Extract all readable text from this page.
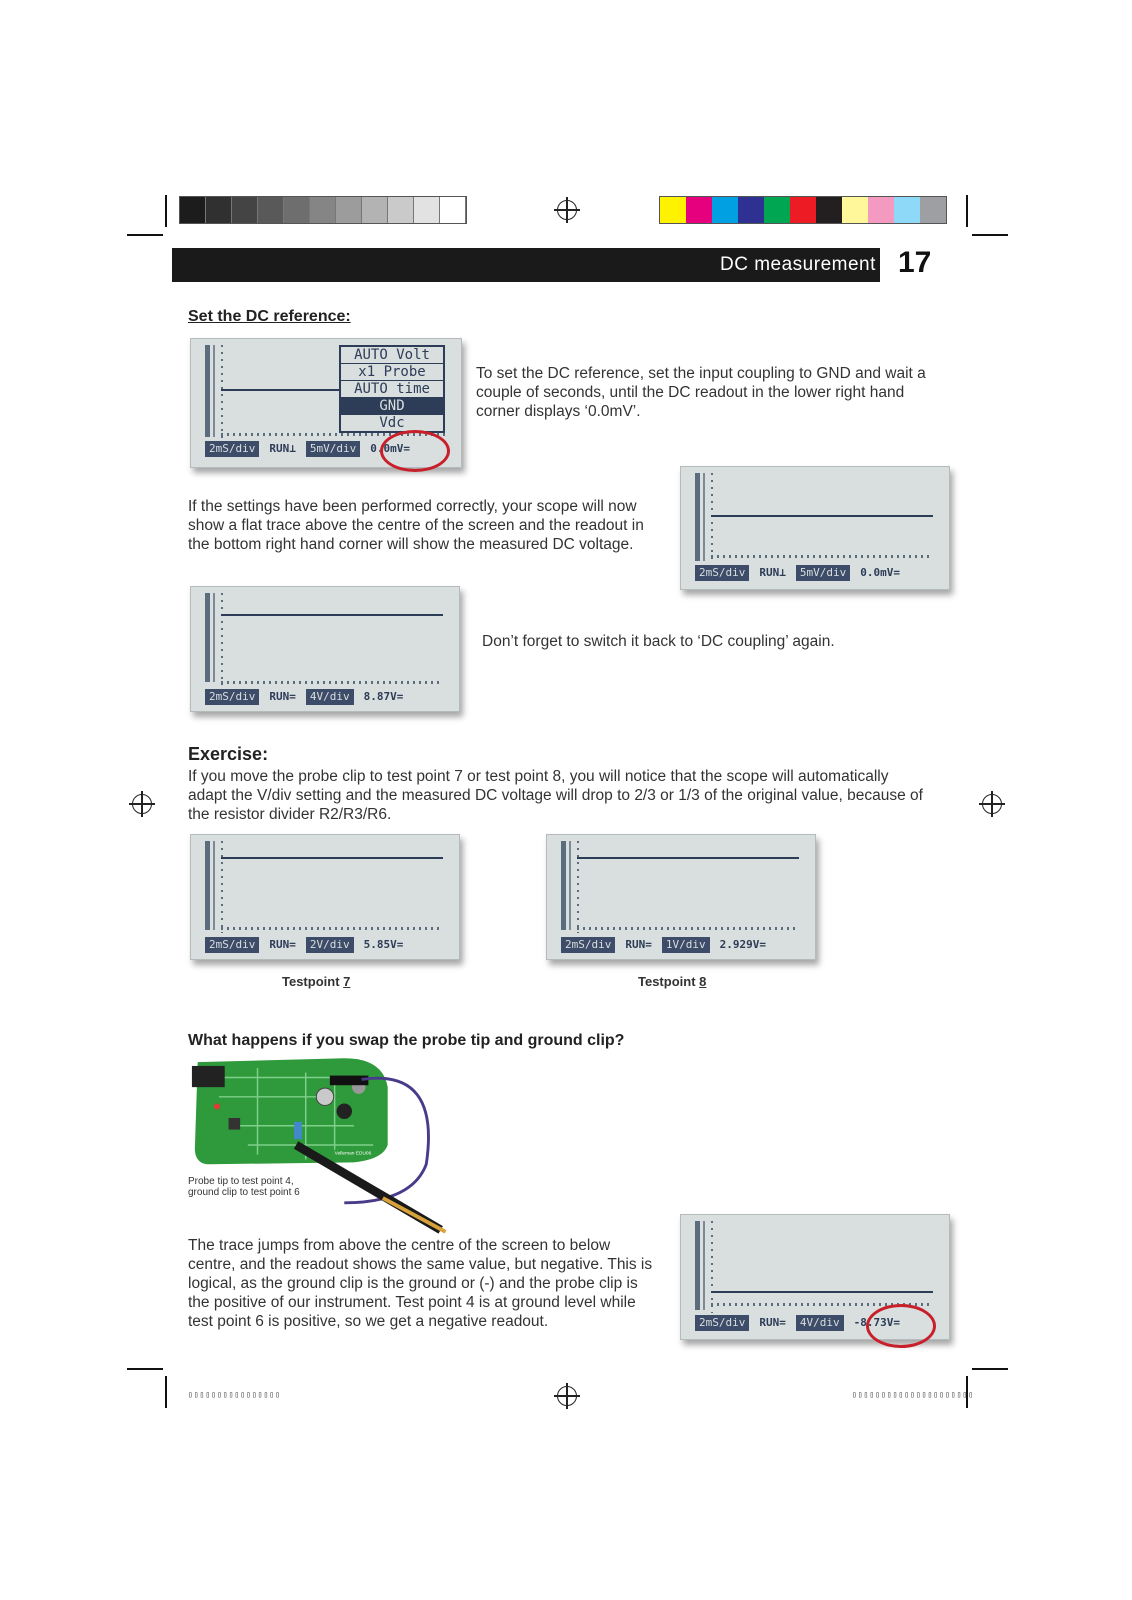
DC measurement 17
Set the DC reference:
AUTO Volt
x1 Probe
AUTO time
GND
Vdc
2mS/div	RUN⊥	5mV/div	0.0mV=
To set the DC reference, set the input coupling to GND and wait a couple of seconds, until the DC readout in the lower right hand corner displays ‘0.0mV’.
If the settings have been performed correctly, your scope will now show a flat trace above the centre of the screen and the readout in the bottom right hand corner will show the measured DC voltage.
2mS/div	RUN⊥	5mV/div	0.0mV=
2mS/div	RUN=	4V/div	8.87V=
Don’t forget to switch it back to ‘DC coupling’ again.
Exercise:
If you move the probe clip to test point 7 or test point 8, you will notice that the scope will automatically adapt the V/div setting and the measured DC voltage will drop to 2/3 or 1/3 of the original value, because of the resistor divider R2/R3/R6.
2mS/div	RUN=	2V/div	5.85V=	2mS/div	RUN=	1V/div	2.929V=
Testpoint 7	Testpoint 8
What happens if you swap the probe tip and ground clip?
Velleman EDU06
Probe tip to test point 4,
ground clip to test point 6
The trace jumps from above the centre of the screen to below centre, and the readout shows the same value, but negative. This is logical, as the ground clip is the ground or (-) and the probe clip is the positive of our instrument. Test point 4 is at ground level while test point 6 is positive, so we get a negative readout.	2mS/div	RUN=	4V/div	-8.73V=
▯▯▯▯▯▯▯▯▯▯▯▯▯▯▯▯	▯▯▯▯▯▯▯▯▯▯▯▯▯▯▯▯▯▯▯▯▯
